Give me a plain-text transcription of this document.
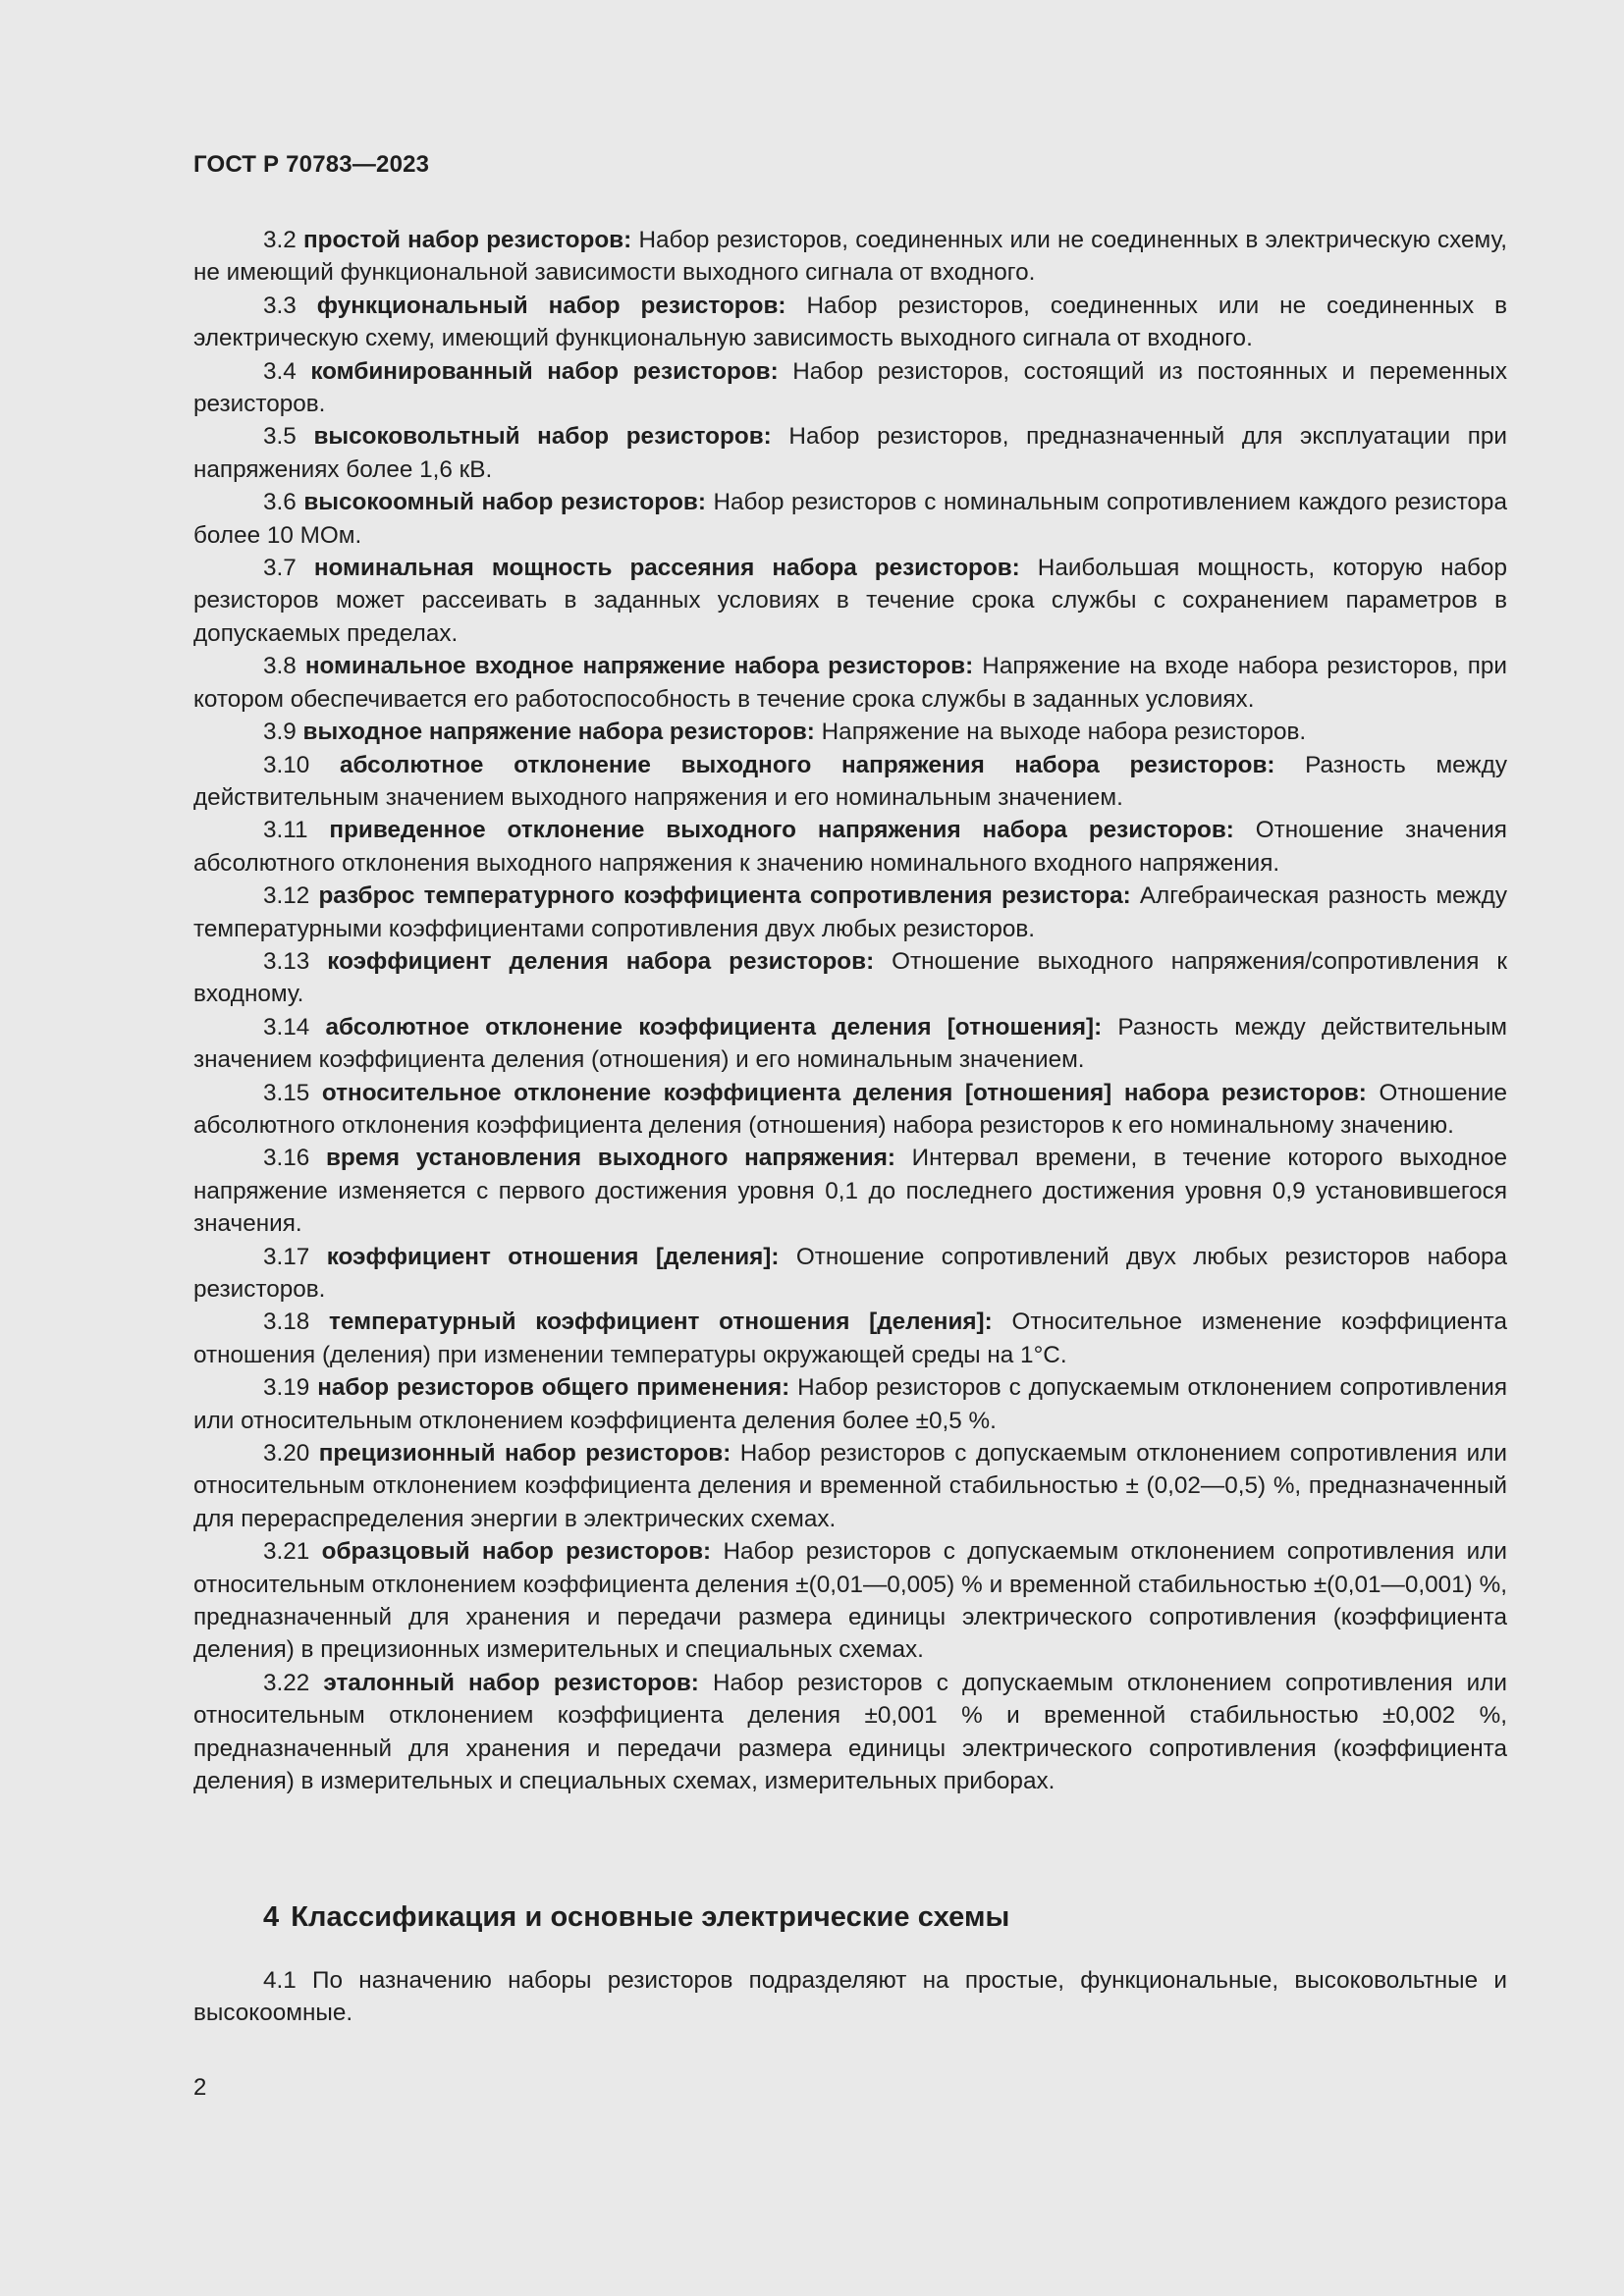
ГОСТ Р 70783—2023

3.2 простой набор резисторов: Набор резисторов, соединенных или не соединенных в электрическую схему, не имеющий функциональной зависимости выходного сигнала от входного.

3.3 функциональный набор резисторов: Набор резисторов, соединенных или не соединенных в электрическую схему, имеющий функциональную зависимость выходного сигнала от входного.

3.4 комбинированный набор резисторов: Набор резисторов, состоящий из постоянных и переменных резисторов.

3.5 высоковольтный набор резисторов: Набор резисторов, предназначенный для эксплуатации при напряжениях более 1,6 кВ.

3.6 высокоомный набор резисторов: Набор резисторов с номинальным сопротивлением каждого резистора более 10 МОм.

3.7 номинальная мощность рассеяния набора резисторов: Наибольшая мощность, которую набор резисторов может рассеивать в заданных условиях в течение срока службы с сохранением параметров в допускаемых пределах.

3.8 номинальное входное напряжение набора резисторов: Напряжение на входе набора резисторов, при котором обеспечивается его работоспособность в течение срока службы в заданных условиях.

3.9 выходное напряжение набора резисторов: Напряжение на выходе набора резисторов.

3.10 абсолютное отклонение выходного напряжения набора резисторов: Разность между действительным значением выходного напряжения и его номинальным значением.

3.11 приведенное отклонение выходного напряжения набора резисторов: Отношение значения абсолютного отклонения выходного напряжения к значению номинального входного напряжения.

3.12 разброс температурного коэффициента сопротивления резистора: Алгебраическая разность между температурными коэффициентами сопротивления двух любых резисторов.

3.13 коэффициент деления набора резисторов: Отношение выходного напряжения/сопротивления к входному.

3.14 абсолютное отклонение коэффициента деления [отношения]: Разность между действительным значением коэффициента деления (отношения) и его номинальным значением.

3.15 относительное отклонение коэффициента деления [отношения] набора резисторов: Отношение абсолютного отклонения коэффициента деления (отношения) набора резисторов к его номинальному значению.

3.16 время установления выходного напряжения: Интервал времени, в течение которого выходное напряжение изменяется с первого достижения уровня 0,1 до последнего достижения уровня 0,9 установившегося значения.

3.17 коэффициент отношения [деления]: Отношение сопротивлений двух любых резисторов набора резисторов.

3.18 температурный коэффициент отношения [деления]: Относительное изменение коэффициента отношения (деления) при изменении температуры окружающей среды на 1°С.

3.19 набор резисторов общего применения: Набор резисторов с допускаемым отклонением сопротивления или относительным отклонением коэффициента деления более ±0,5 %.

3.20 прецизионный набор резисторов: Набор резисторов с допускаемым отклонением сопротивления или относительным отклонением коэффициента деления и временной стабильностью ± (0,02—0,5) %, предназначенный для перераспределения энергии в электрических схемах.

3.21 образцовый набор резисторов: Набор резисторов с допускаемым отклонением сопротивления или относительным отклонением коэффициента деления ±(0,01—0,005) % и временной стабильностью ±(0,01—0,001) %, предназначенный для хранения и передачи размера единицы электрического сопротивления (коэффициента деления) в прецизионных измерительных и специальных схемах.

3.22 эталонный набор резисторов: Набор резисторов с допускаемым отклонением сопротивления или относительным отклонением коэффициента деления ±0,001 % и временной стабильностью ±0,002 %, предназначенный для хранения и передачи размера единицы электрического сопротивления (коэффициента деления) в измерительных и специальных схемах, измерительных приборах.

4 Классификация и основные электрические схемы

4.1 По назначению наборы резисторов подразделяют на простые, функциональные, высоковольтные и высокоомные.

2
